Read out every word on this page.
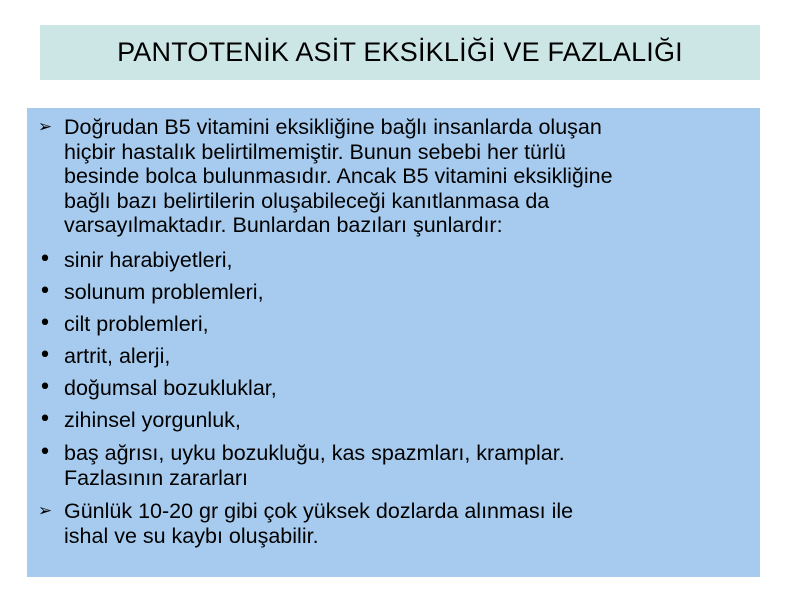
PANTOTENİK ASİT EKSİKLİĞİ VE FAZLALIĞI
➢ Doğrudan B5 vitamini eksikliğine bağlı insanlarda oluşan
hiçbir hastalık belirtilmemiştir. Bunun sebebi her türlü
besinde bolca bulunmasıdır. Ancak B5 vitamini eksikliğine
bağlı bazı belirtilerin oluşabileceği kanıtlanmasa da
varsayılmaktadır. Bunlardan bazıları şunlardır:
• sinir harabiyetleri,
• solunum problemleri,
• cilt problemleri,
• artrit, alerji,
• doğumsal bozukluklar,
• zihinsel yorgunluk,
• baş ağrısı, uyku bozukluğu, kas spazmları, kramplar.
Fazlasının zararları
➢ Günlük 10-20 gr gibi çok yüksek dozlarda alınması ile
ishal ve su kaybı oluşabilir.
